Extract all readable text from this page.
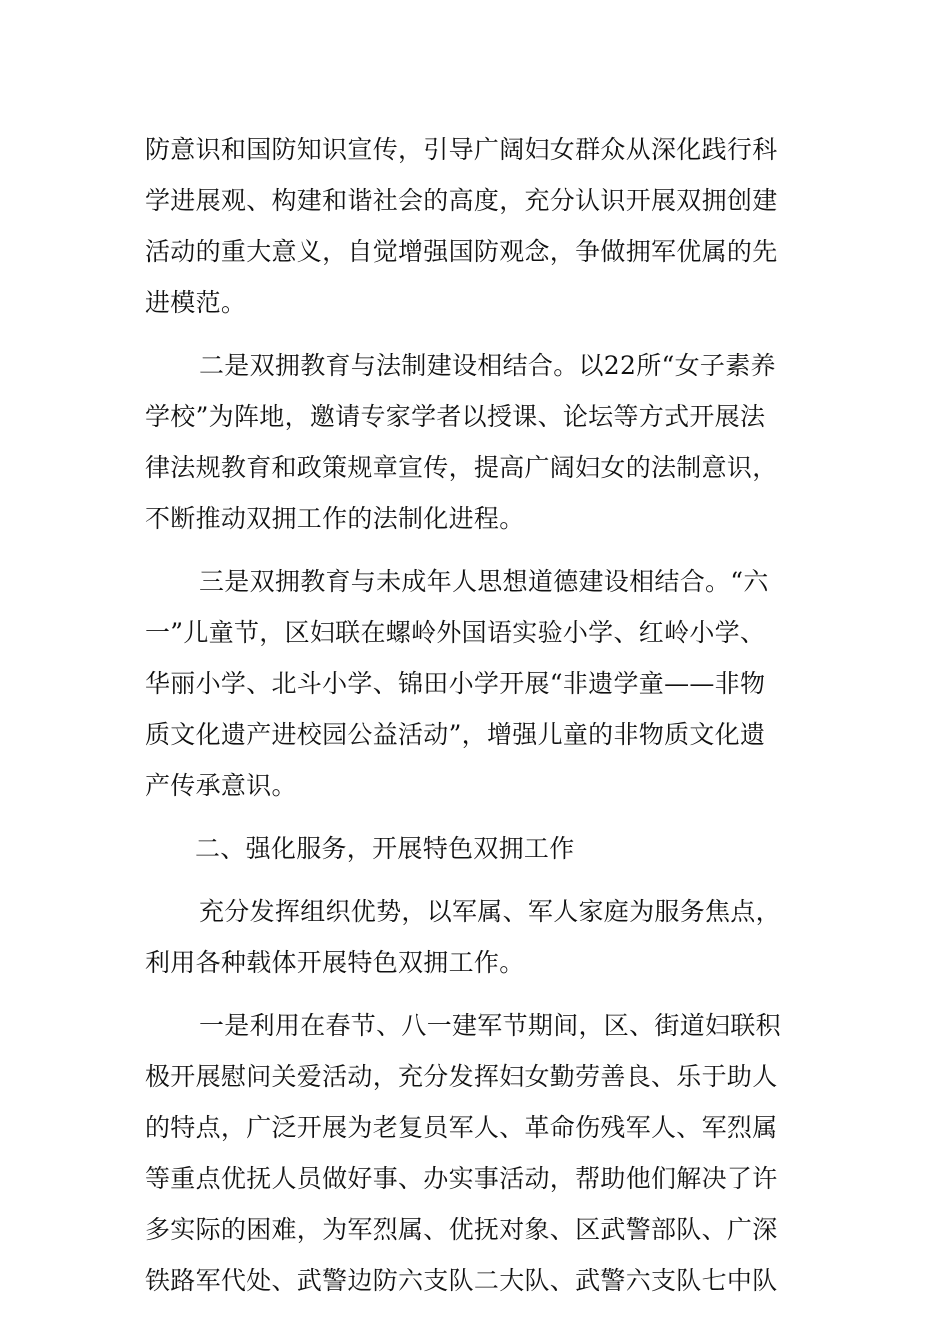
防意识和国防知识宣传，引导广阔妇女群众从深化践行科
学进展观、构建和谐社会的高度，充分认识开展双拥创建
活动的重大意义，自觉增强国防观念，争做拥军优属的先
进模范。
二是双拥教育与法制建设相结合。以22所“女子素养
学校”为阵地，邀请专家学者以授课、论坛等方式开展法
律法规教育和政策规章宣传，提高广阔妇女的法制意识，
不断推动双拥工作的法制化进程。
三是双拥教育与未成年人思想道德建设相结合。“六
一”儿童节，区妇联在螺岭外国语实验小学、红岭小学、
华丽小学、北斗小学、锦田小学开展“非遗学童——非物
质文化遗产进校园公益活动”，增强儿童的非物质文化遗
产传承意识。
二、强化服务，开展特色双拥工作
充分发挥组织优势，以军属、军人家庭为服务焦点，
利用各种载体开展特色双拥工作。
一是利用在春节、八一建军节期间，区、街道妇联积
极开展慰问关爱活动，充分发挥妇女勤劳善良、乐于助人
的特点，广泛开展为老复员军人、革命伤残军人、军烈属
等重点优抚人员做好事、办实事活动，帮助他们解决了许
多实际的困难，为军烈属、优抚对象、区武警部队、广深
铁路军代处、武警边防六支队二大队、武警六支队七中队
